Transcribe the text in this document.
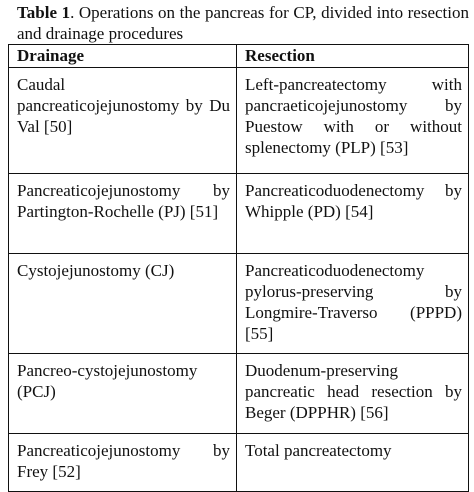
Table 1. Operations on the pancreas for CP, divided into resection and drainage procedures
Drainage	Resection
Caudal pancreaticojejunostomy by Du Val [50]	Left-pancreatectomy with pancraeticojejunostomy by Puestow with or without splenectomy (PLP) [53]
Pancreaticojejunostomy by Partington-Rochelle (PJ) [51]	Pancreaticoduodenectomy by Whipple (PD) [54]
Cystojejunostomy (CJ)	Pancreaticoduodenectomy pylorus-preserving by Longmire-Traverso (PPPD) [55]
Pancreo-cystojejunostomy (PCJ)	Duodenum-preserving pancreatic head resection by Beger (DPPHR) [56]
Pancreaticojejunostomy by Frey [52]	Total pancreatectomy
